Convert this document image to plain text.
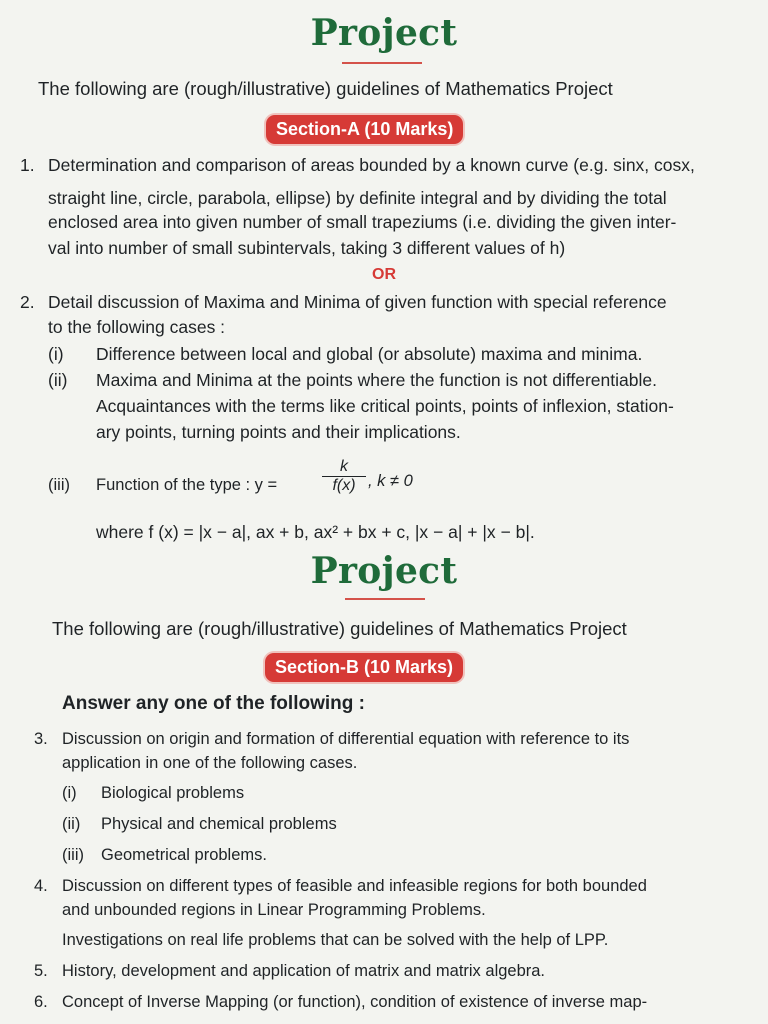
Project
The following are (rough/illustrative) guidelines of Mathematics Project
Section-A (10 Marks)
1. Determination and comparison of areas bounded by a known curve (e.g. sinx, cosx,
straight line, circle, parabola, ellipse) by definite integral and by dividing the total
enclosed area into given number of small trapeziums (i.e. dividing the given inter-
val into number of small subintervals, taking 3 different values of h)
OR
2. Detail discussion of Maxima and Minima of given function with special reference
to the following cases :
(i) Difference between local and global (or absolute) maxima and minima.
(ii) Maxima and Minima at the points where the function is not differentiable.
Acquaintances with the terms like critical points, points of inflexion, station-
ary points, turning points and their implications.
(iii) Function of the type : y =
k
f(x) , k ≠ 0
where f (x) = |x − a|, ax + b, ax² + bx + c, |x − a| + |x − b|.
Project
The following are (rough/illustrative) guidelines of Mathematics Project
Section-B (10 Marks)
Answer any one of the following :
3. Discussion on origin and formation of differential equation with reference to its
application in one of the following cases.
(i) Biological problems
(ii) Physical and chemical problems
(iii) Geometrical problems.
4. Discussion on different types of feasible and infeasible regions for both bounded
and unbounded regions in Linear Programming Problems.
Investigations on real life problems that can be solved with the help of LPP.
5. History, development and application of matrix and matrix algebra.
6. Concept of Inverse Mapping (or function), condition of existence of inverse map-
